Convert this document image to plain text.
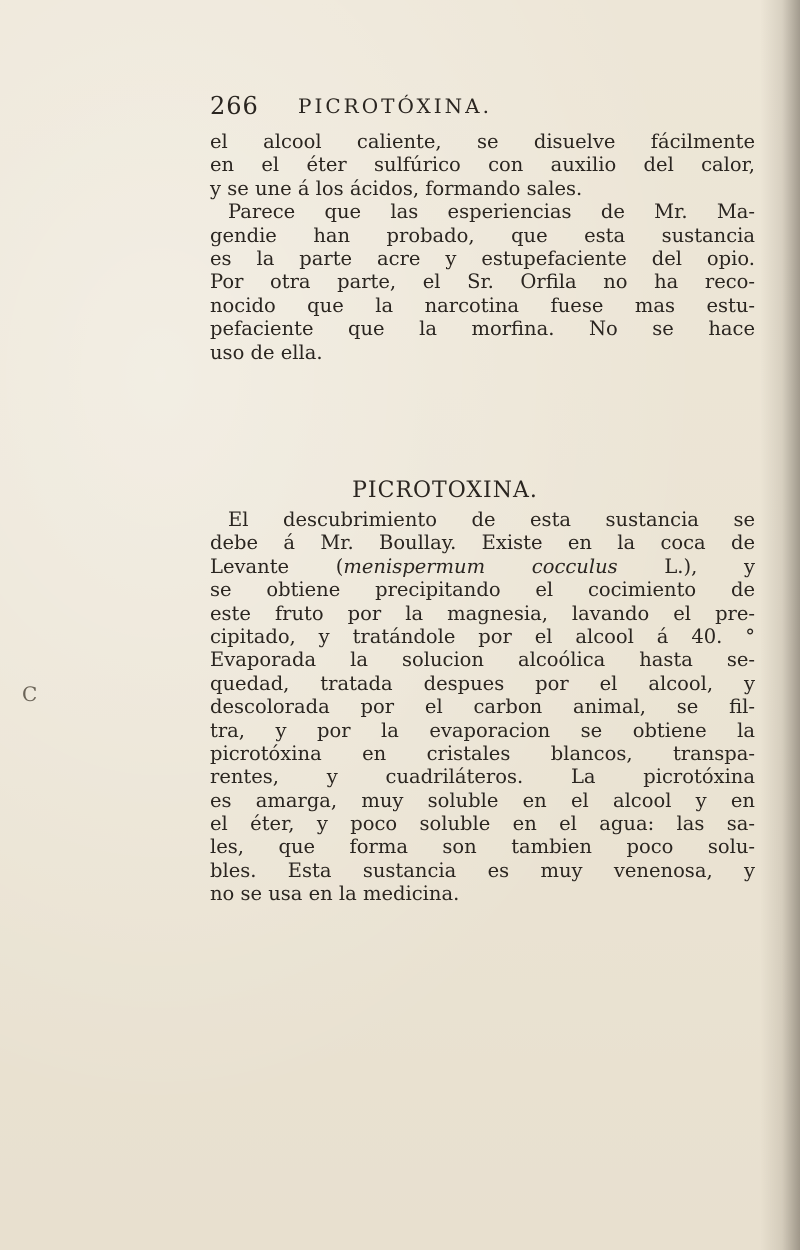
266 PICROTÓXINA.
el alcool caliente, se disuelve fácilmente
en el éter sulfúrico con auxilio del calor,
y se une á los ácidos, formando sales.
Parece que las esperiencias de Mr. Ma-
gendie han probado, que esta sustancia
es la parte acre y estupefaciente del opio.
Por otra parte, el Sr. Orfila no ha reco-
nocido que la narcotina fuese mas estu-
pefaciente que la morfina. No se hace
uso de ella.
PICROTOXINA.
El descubrimiento de esta sustancia se
debe á Mr. Boullay. Existe en la coca de
Levante (menispermum cocculus L.), y
se obtiene precipitando el cocimiento de
este fruto por la magnesia, lavando el pre-
cipitado, y tratándole por el alcool á 40. °
Evaporada la solucion alcoólica hasta se-
quedad, tratada despues por el alcool, y
descolorada por el carbon animal, se fil-
tra, y por la evaporacion se obtiene la
picrotóxina en cristales blancos, transpa-
rentes, y cuadriláteros. La picrotóxina
es amarga, muy soluble en el alcool y en
el éter, y poco soluble en el agua: las sa-
les, que forma son tambien poco solu-
bles. Esta sustancia es muy venenosa, y
no se usa en la medicina.
C
